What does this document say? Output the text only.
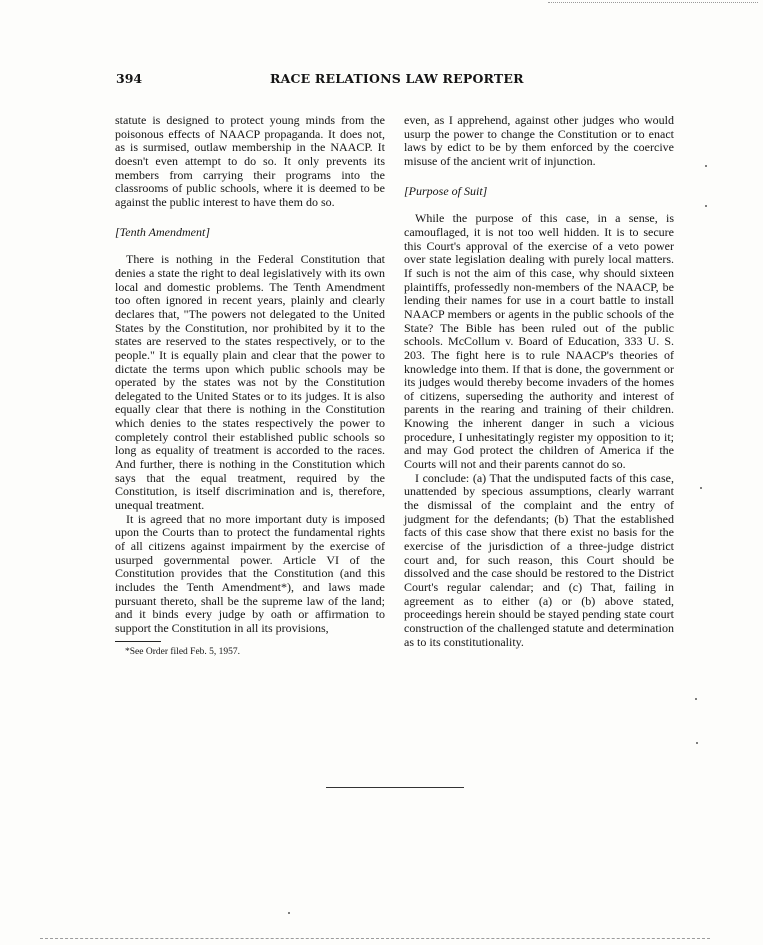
394	RACE RELATIONS LAW REPORTER

statute is designed to protect young minds from the poisonous effects of NAACP propaganda. It does not, as is surmised, outlaw membership in the NAACP. It doesn't even attempt to do so. It only prevents its members from carrying their programs into the classrooms of public schools, where it is deemed to be against the public interest to have them do so.

[Tenth Amendment]

There is nothing in the Federal Constitution that denies a state the right to deal legislatively with its own local and domestic problems. The Tenth Amendment too often ignored in recent years, plainly and clearly declares that, "The powers not delegated to the United States by the Constitution, nor prohibited by it to the states are reserved to the states respectively, or to the people." It is equally plain and clear that the power to dictate the terms upon which public schools may be operated by the states was not by the Constitution delegated to the United States or to its judges. It is also equally clear that there is nothing in the Constitution which denies to the states respectively the power to completely control their established public schools so long as equality of treatment is accorded to the races. And further, there is nothing in the Constitution which says that the equal treatment, required by the Constitution, is itself discrimination and is, therefore, unequal treatment.

It is agreed that no more important duty is imposed upon the Courts than to protect the fundamental rights of all citizens against impairment by the exercise of usurped governmental power. Article VI of the Constitution provides that the Constitution (and this includes the Tenth Amendment*), and laws made pursuant thereto, shall be the supreme law of the land; and it binds every judge by oath or affirmation to support the Constitution in all its provisions,

*See Order filed Feb. 5, 1957.

even, as I apprehend, against other judges who would usurp the power to change the Constitution or to enact laws by edict to be by them enforced by the coercive misuse of the ancient writ of injunction.

[Purpose of Suit]

While the purpose of this case, in a sense, is camouflaged, it is not too well hidden. It is to secure this Court's approval of the exercise of a veto power over state legislation dealing with purely local matters. If such is not the aim of this case, why should sixteen plaintiffs, professedly non-members of the NAACP, be lending their names for use in a court battle to install NAACP members or agents in the public schools of the State? The Bible has been ruled out of the public schools. McCollum v. Board of Education, 333 U. S. 203. The fight here is to rule NAACP's theories of knowledge into them. If that is done, the government or its judges would thereby become invaders of the homes of citizens, superseding the authority and interest of parents in the rearing and training of their children. Knowing the inherent danger in such a vicious procedure, I unhesitatingly register my opposition to it; and may God protect the children of America if the Courts will not and their parents cannot do so.

I conclude: (a) That the undisputed facts of this case, unattended by specious assumptions, clearly warrant the dismissal of the complaint and the entry of judgment for the defendants; (b) That the established facts of this case show that there exist no basis for the exercise of the jurisdiction of a three-judge district court and, for such reason, this Court should be dissolved and the case should be restored to the District Court's regular calendar; and (c) That, failing in agreement as to either (a) or (b) above stated, proceedings herein should be stayed pending state court construction of the challenged statute and determination as to its constitutionality.
